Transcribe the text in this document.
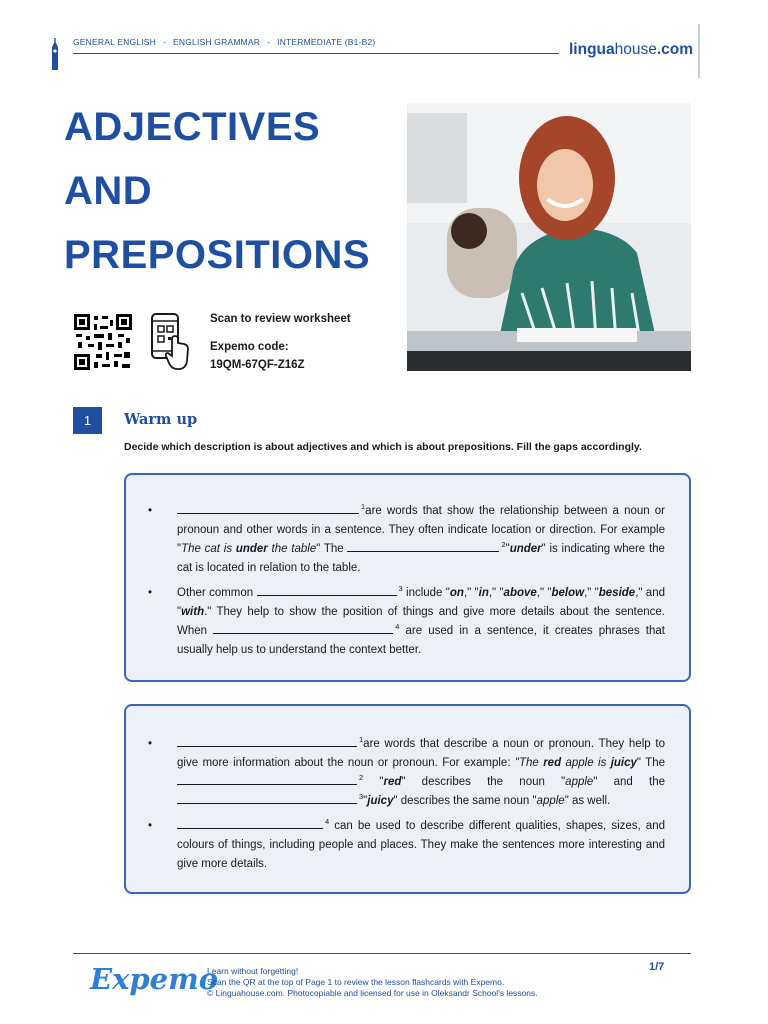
GENERAL ENGLISH - ENGLISH GRAMMAR - INTERMEDIATE (B1-B2)	linguahouse.com
ADJECTIVES
AND
PREPOSITIONS
Scan to review worksheet
Expemo code:
19QM-67QF-Z16Z
1	Warm up
Decide which description is about adjectives and which is about prepositions. Fill the gaps accordingly.
•	$^1$are words that show the relationship between a noun or pronoun and other words in a sentence. They often indicate location or direction. For example "The cat is under the table" The	$^2$"under" is indicating where the cat is located in relation to the table.
•	Other common	$^3$ include "on," "in," "above," "below," "beside," and "with." They help to show the position of things and give more details about the sentence. When	$^4$ are used in a sentence, it creates phrases that usually help us to understand the context better.
•	$^1$are words that describe a noun or pronoun. They help to give more information about the noun or pronoun. For example: "The red apple is juicy" The $^2$ "red" describes the noun "apple" and the $^3$"juicy" describes the same noun "apple" as well.
•	$^4$ can be used to describe different qualities, shapes, sizes, and colours of things, including people and places. They make the sentences more interesting and give more details.
Expemo
Learn without forgetting!
Scan the QR at the top of Page 1 to review the lesson flashcards with Expemo.
© Linguahouse.com. Photocopiable and licensed for use in Oleksandr School's lessons.
1/7
